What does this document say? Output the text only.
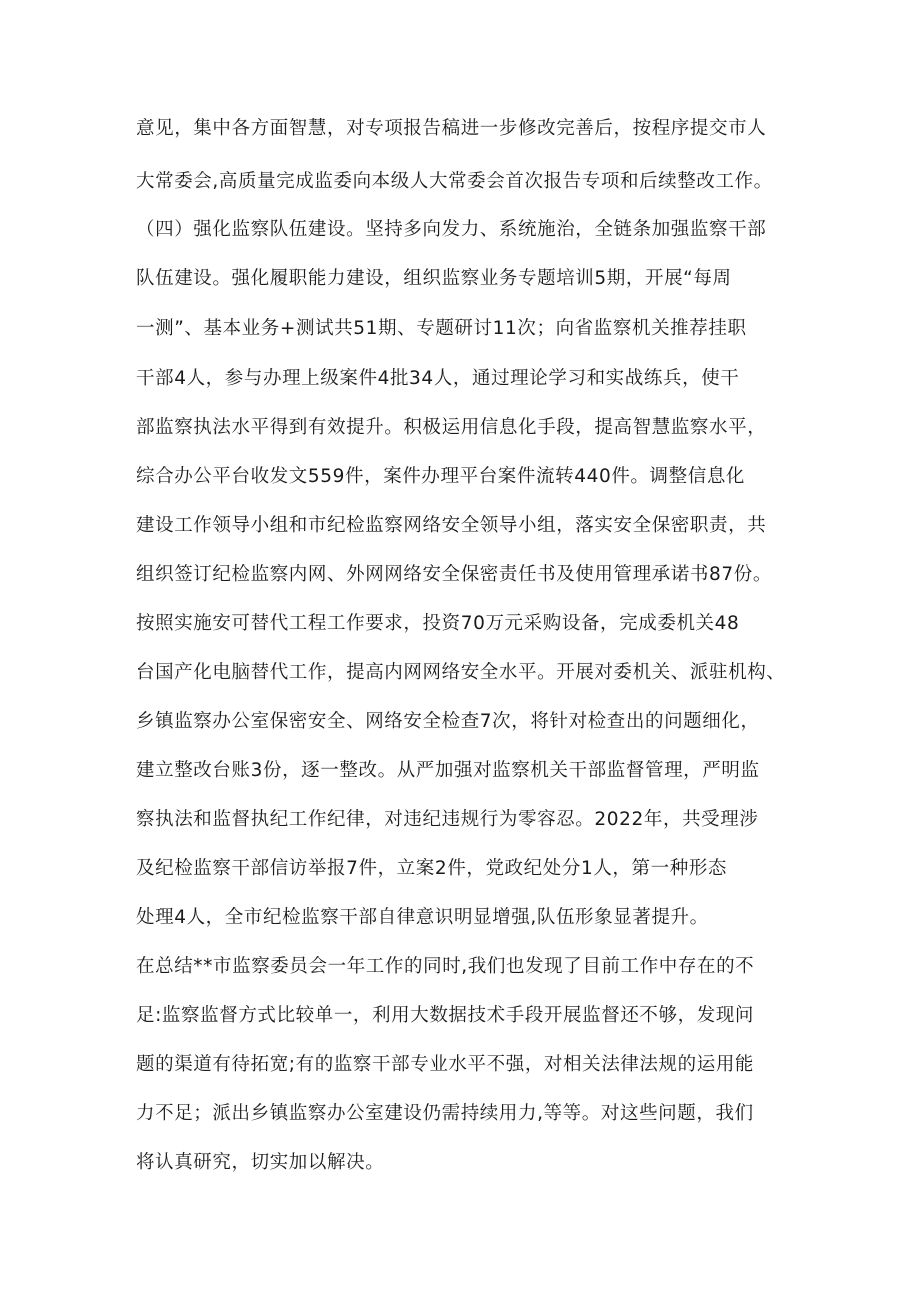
意见，集中各方面智慧，对专项报告稿进一步修改完善后，按程序提交市人
大常委会,高质量完成监委向本级人大常委会首次报告专项和后续整改工作。
（四）强化监察队伍建设。坚持多向发力、系统施治，全链条加强监察干部
队伍建设。强化履职能力建设，组织监察业务专题培训5期，开展“每周
一测”、基本业务+测试共51期、专题研讨11次；向省监察机关推荐挂职
干部4人，参与办理上级案件4批34人，通过理论学习和实战练兵，使干
部监察执法水平得到有效提升。积极运用信息化手段，提高智慧监察水平，
综合办公平台收发文559件，案件办理平台案件流转440件。调整信息化
建设工作领导小组和市纪检监察网络安全领导小组，落实安全保密职责，共
组织签订纪检监察内网、外网网络安全保密责任书及使用管理承诺书87份。
按照实施安可替代工程工作要求，投资70万元采购设备，完成委机关48
台国产化电脑替代工作，提高内网网络安全水平。开展对委机关、派驻机构、
乡镇监察办公室保密安全、网络安全检查7次，将针对检查出的问题细化，
建立整改台账3份，逐一整改。从严加强对监察机关干部监督管理，严明监
察执法和监督执纪工作纪律，对违纪违规行为零容忍。2022年，共受理涉
及纪检监察干部信访举报7件，立案2件，党政纪处分1人，第一种形态
处理4人，全市纪检监察干部自律意识明显增强,队伍形象显著提升。
在总结**市监察委员会一年工作的同时,我们也发现了目前工作中存在的不
足:监察监督方式比较单一，利用大数据技术手段开展监督还不够，发现问
题的渠道有待拓宽;有的监察干部专业水平不强，对相关法律法规的运用能
力不足；派出乡镇监察办公室建设仍需持续用力,等等。对这些问题，我们
将认真研究，切实加以解决。
